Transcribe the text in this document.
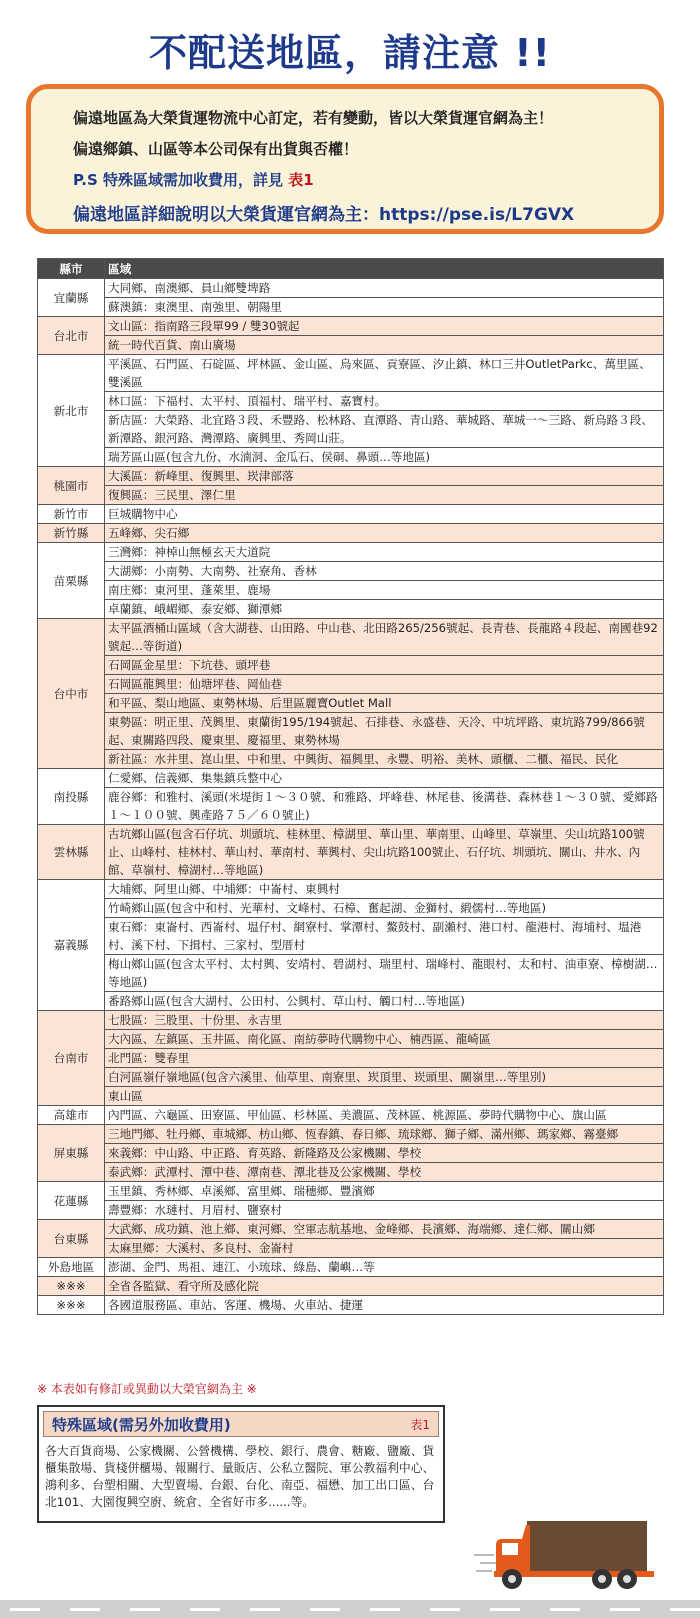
不配送地區，請注意 !!

偏遠地區為大榮貨運物流中心訂定，若有變動，皆以大榮貨運官網為主！

偏遠鄉鎮、山區等本公司保有出貨與否權！

P.S 特殊區域需加收費用，詳見 表1

偏遠地區詳細說明以大榮貨運官網為主：https://pse.is/L7GVX

縣市	區域
宜蘭縣	大同鄉、南澳鄉、員山鄉雙埤路
	蘇澳鎮：東澳里、南強里、朝陽里
台北市	文山區：指南路三段單99 / 雙30號起
	統一時代百貨、南山廣場
新北市	平溪區、石門區、石碇區、坪林區、金山區、烏來區、貢寮區、汐止鎮、林口三井OutletParkc、萬里區、雙溪區
	林口區：下福村、太平村、頂福村、瑞平村、嘉寶村。
	新店區：大榮路、北宜路３段、禾豐路、松林路、直潭路、青山路、華城路、華城一～三路、新烏路３段、新潭路、銀河路、灣潭路、廣興里、秀岡山莊。
	瑞芳區山區(包含九份、水湳洞、金瓜石、侯硐、鼻頭…等地區)
桃園市	大溪區：新峰里、復興里、崁津部落
	復興區：三民里、澤仁里
新竹市	巨城購物中心
新竹縣	五峰鄉、尖石鄉
苗栗縣	三灣鄉：神棹山無極玄天大道院
	大湖鄉：小南勢、大南勢、社寮角、香林
	南庄鄉：東河里、蓬萊里、鹿場
	卓蘭鎮、峨嵋鄉、泰安鄉、獅潭鄉
台中市	太平區酒桶山區域（含大湖巷、山田路、中山巷、北田路265/256號起、長青巷、長龍路４段起、南國巷92號起…等街道)
	石岡區金星里：下坑巷、頭坪巷
	石岡區龍興里：仙塘坪巷、岡仙巷
	和平區、梨山地區、東勢林場、后里區麗寶Outlet Mall
	東勢區：明正里、茂興里、東蘭街195/194號起、石排巷、永盛巷、天冷、中坑坪路、東坑路799/866號起、東關路四段、慶東里、慶福里、東勢林場
	新社區：水井里、崑山里、中和里、中興街、福興里、永豐、明裕、美林、頭櫃、二櫃、福民、民化
南投縣	仁愛鄉、信義鄉、集集鎮兵整中心
	鹿谷鄉：和雅村、溪頭(米堤街１～３０號、和雅路、坪峰巷、林尾巷、後溝巷、森林巷１～３０號、愛鄉路１～１００號、興產路７５／６０號止)
雲林縣	古坑鄉山區(包含石仔坑、圳頭坑、桂林里、樟湖里、華山里、華南里、山峰里、草嶺里、尖山坑路100號止、山峰村、桂林村、華山村、華南村、華興村、尖山坑路100號止、石仔坑、圳頭坑、關山、井水、內館、草嶺村、樟湖村…等地區)
嘉義縣	大埔鄉、阿里山鄉、中埔鄉：中崙村、東興村
	竹崎鄉山區(包含中和村、光華村、文峰村、石樟、奮起湖、金獅村、緞儒村…等地區)
	東石鄉：東崙村、西崙村、塭仔村、網寮村、掌潭村、鰲鼓村、副瀨村、港口村、龍港村、海埔村、塭港村、溪下村、下揖村、三家村、型厝村
	梅山鄉山區(包含太平村、太村興、安靖村、碧湖村、瑞里村、瑞峰村、龍眼村、太和村、油車寮、樟樹湖…等地區)
	番路鄉山區(包含大湖村、公田村、公興村、草山村、觸口村…等地區)
台南市	七股區：三股里、十份里、永吉里
	大內區、左鎮區、玉井區、南化區、南紡夢時代購物中心、楠西區、龍崎區
	北門區：雙春里
	白河區嶺仔嶺地區(包含六溪里、仙草里、南寮里、崁頂里、崁頭里、關嶺里…等里別)
	東山區
高雄市	內門區、六龜區、田寮區、甲仙區、杉林區、美濃區、茂林區、桃源區、夢時代購物中心、旗山區
屏東縣	三地門鄉、牡丹鄉、車城鄉、枋山鄉、恆春鎮、春日鄉、琉球鄉、獅子鄉、滿州鄉、瑪家鄉、霧臺鄉
	來義鄉：中山路、中正路、育英路、新隆路及公家機關、學校
	泰武鄉：武潭村、潭中巷、潭南巷、潭北巷及公家機關、學校
花蓮縣	玉里鎮、秀林鄉、卓溪鄉、富里鄉、瑞穗鄉、豐濱鄉
	壽豐鄉：水璉村、月眉村、鹽寮村
台東縣	大武鄉、成功鎮、池上鄉、東河鄉、空軍志航基地、金峰鄉、長濱鄉、海端鄉、達仁鄉、關山鄉
	太麻里鄉：大溪村、多良村、金崙村
外島地區	澎湖、金門、馬祖、連江、小琉球、綠島、蘭嶼…等
※※※	全省各監獄、看守所及感化院
※※※	各國道服務區、車站、客運、機場、火車站、捷運
※ 本表如有修訂或異動以大榮官網為主 ※
特殊區域(需另外加收費用)	表1
各大百貨商場、公家機關、公營機構、學校、銀行、農會、糖廠、鹽廠、貨櫃集散場、貨棧併櫃場、報關行、量販店、公私立醫院、軍公教福利中心、鴻利多、台塑相關、大型賣場、台銀、台化、南亞、福懋、加工出口區、台北101、大園復興空廚、統倉、全省好市多......等。
